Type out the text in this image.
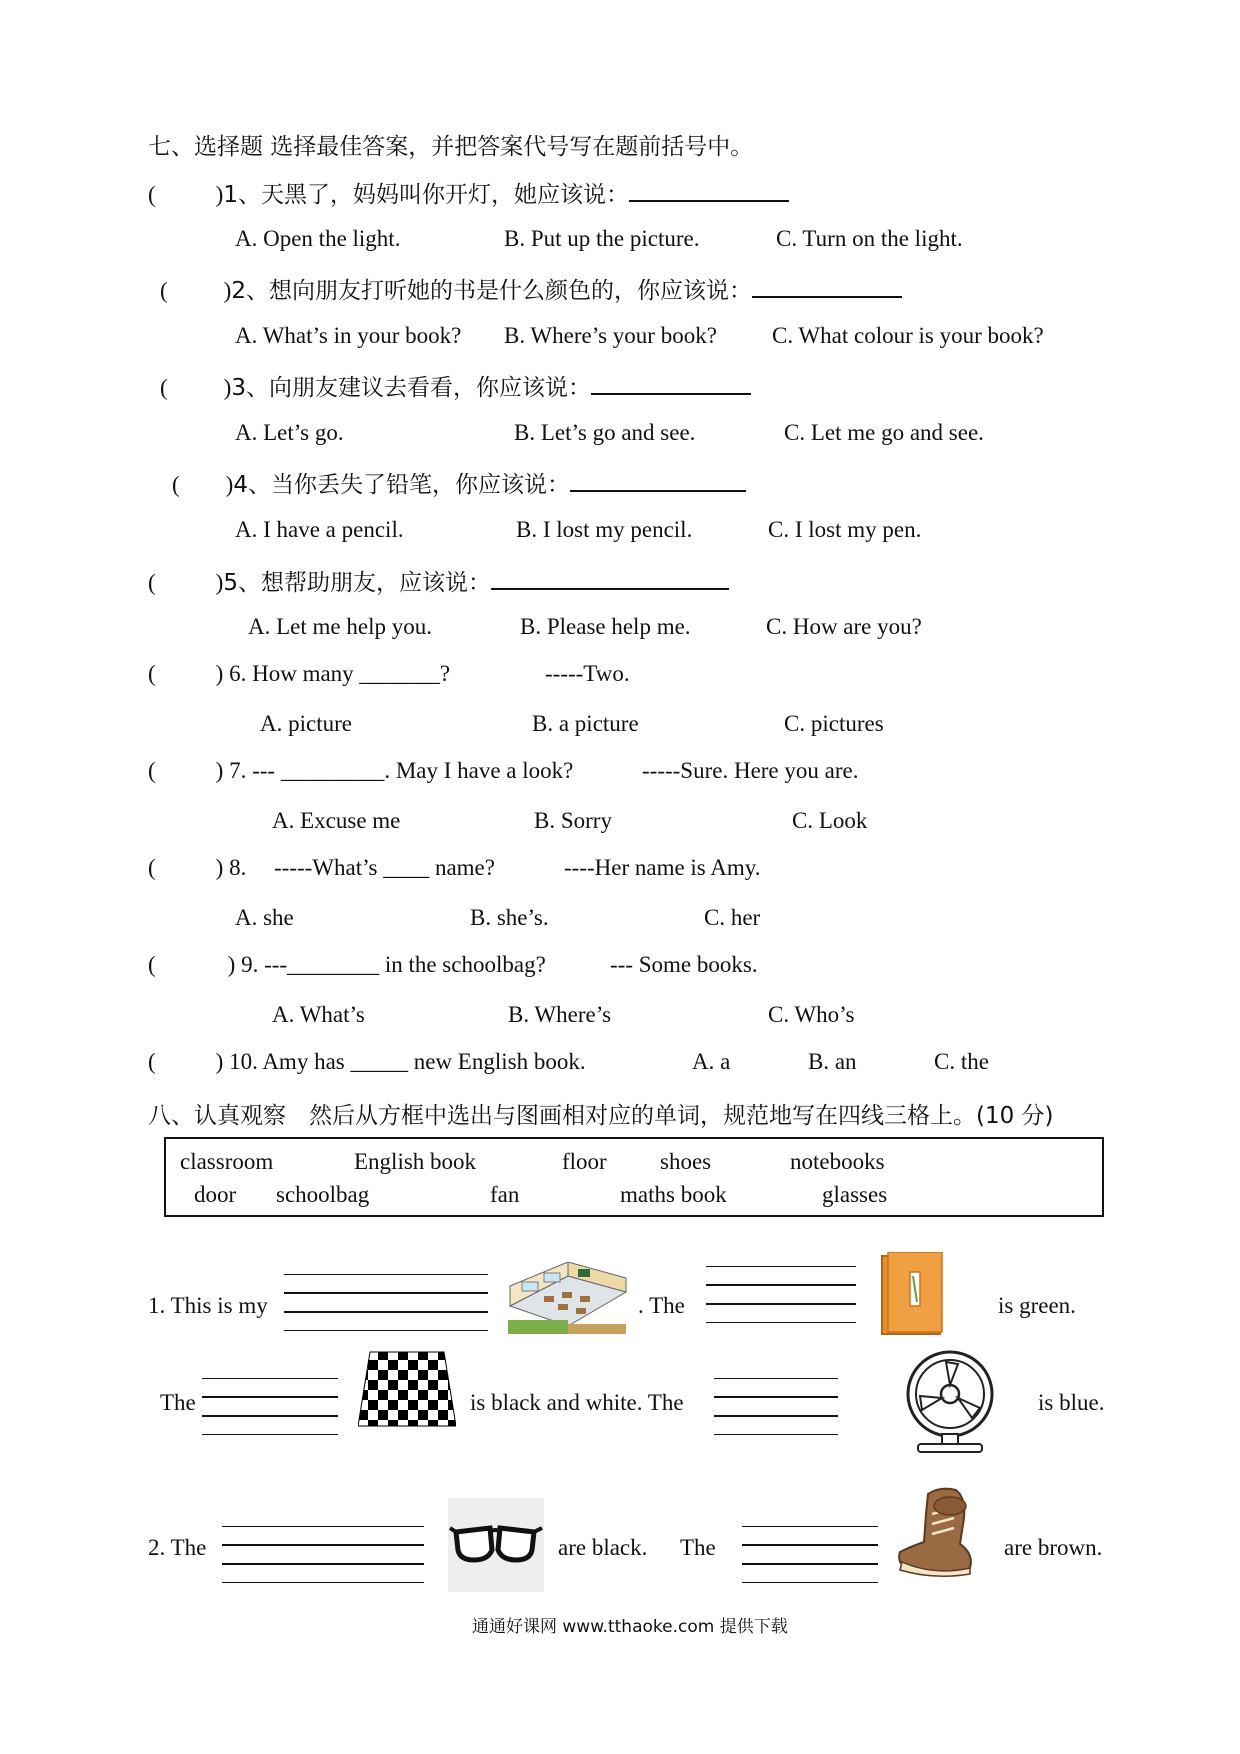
七、选择题 选择最佳答案，并把答案代号写在题前括号中。
(	)1、天黑了，妈妈叫你开灯，她应该说：
A. Open the light.	B. Put up the picture.	C. Turn on the light.
( )2、想向朋友打听她的书是什么颜色的，你应该说：
A. What’s in your book? B. Where’s your book? C. What colour is your book?
( )3、向朋友建议去看看，你应该说：
A. Let’s go.	B. Let’s go and see.	C. Let me go and see.
( )4、当你丢失了铅笔，你应该说：
A. I have a pencil.	B. I lost my pencil.	C. I lost my pen.
(	)5、想帮助朋友，应该说：
A. Let me help you.	B. Please help me.	C. How are you?
(	) 6. How many _______?	-----Two.
A. picture	B. a picture	C. pictures
(	) 7. --- _________. May I have a look?	-----Sure. Here you are.
A. Excuse me	B. Sorry	C. Look
(	) 8. -----What’s ____ name?	----Her name is Amy.
A. she	B. she’s.	C. her
(	) 9. ---________ in the schoolbag?	--- Some books.
A. What’s	B. Where’s	C. Who’s
(	) 10. Amy has _____ new English book.	A. a	B. an	C. the
八、认真观察　然后从方框中选出与图画相对应的单词，规范地写在四线三格上。(10 分)
classroom	English book	floor shoes	notebooks
door schoolbag	fan	maths book	glasses
1. This is my	. The	is green.
The	is black and white. The	is blue.
2. The	are black. The	are brown.
通通好课网 www.tthaoke.com 提供下载
